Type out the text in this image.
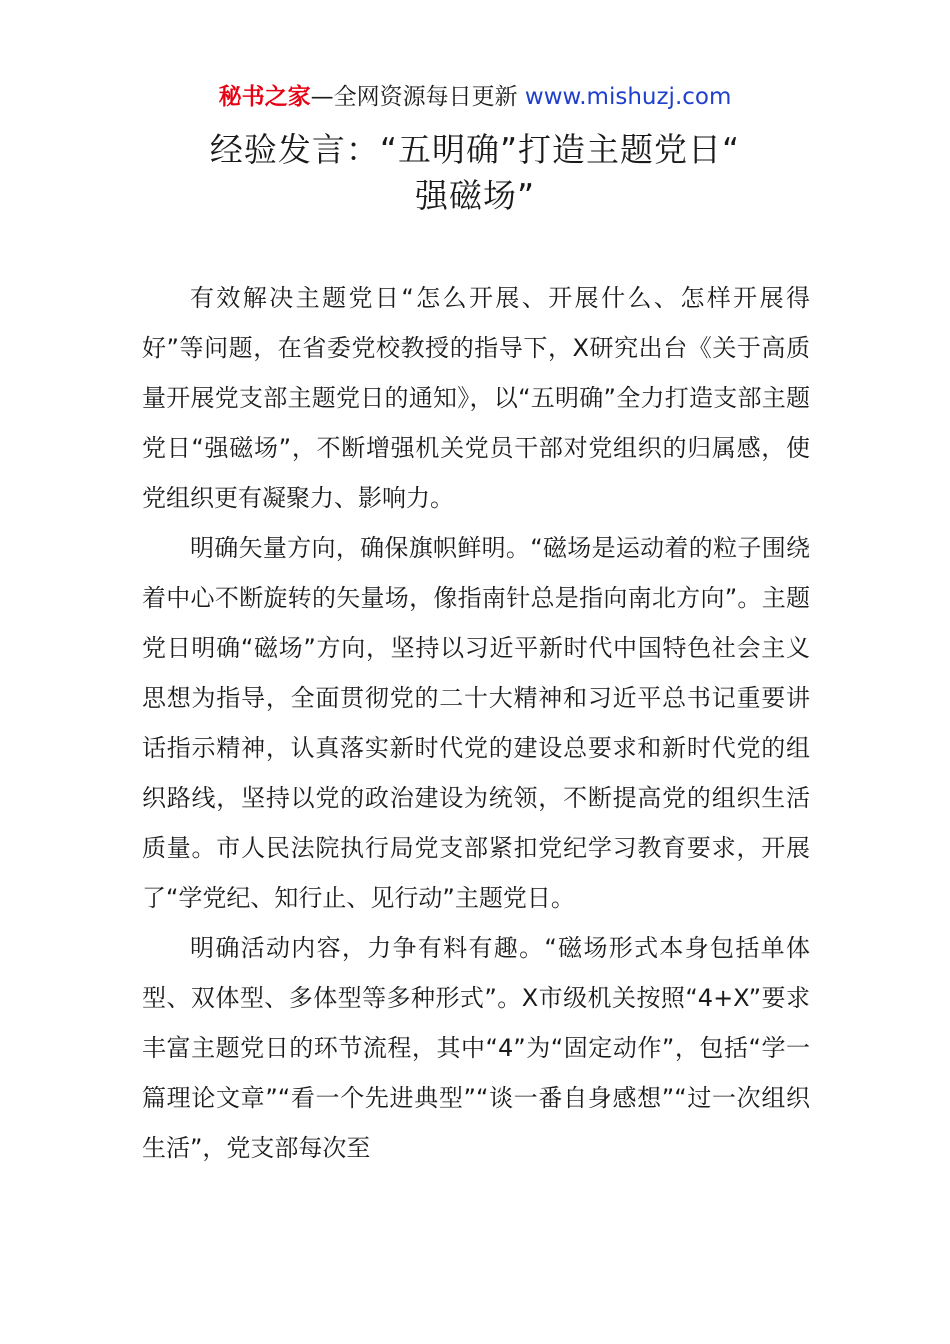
秘书之家—全网资源每日更新 www.mishuzj.com
经验发言：“五明确”打造主题党日“
强磁场”

有效解决主题党日“怎么开展、开展什么、怎样开展得好”等问题，在省委党校教授的指导下，X研究出台《关于高质量开展党支部主题党日的通知》，以“五明确”全力打造支部主题党日“强磁场”，不断增强机关党员干部对党组织的归属感，使党组织更有凝聚力、影响力。

明确矢量方向，确保旗帜鲜明。“磁场是运动着的粒子围绕着中心不断旋转的矢量场，像指南针总是指向南北方向”。主题党日明确“磁场”方向，坚持以习近平新时代中国特色社会主义思想为指导，全面贯彻党的二十大精神和习近平总书记重要讲话指示精神，认真落实新时代党的建设总要求和新时代党的组织路线，坚持以党的政治建设为统领，不断提高党的组织生活质量。市人民法院执行局党支部紧扣党纪学习教育要求，开展了“学党纪、知行止、见行动”主题党日。

明确活动内容，力争有料有趣。“磁场形式本身包括单体型、双体型、多体型等多种形式”。X市级机关按照“4+X”要求丰富主题党日的环节流程，其中“4”为“固定动作”，包括“学一篇理论文章”“看一个先进典型”“谈一番自身感想”“过一次组织生活”，党支部每次至
